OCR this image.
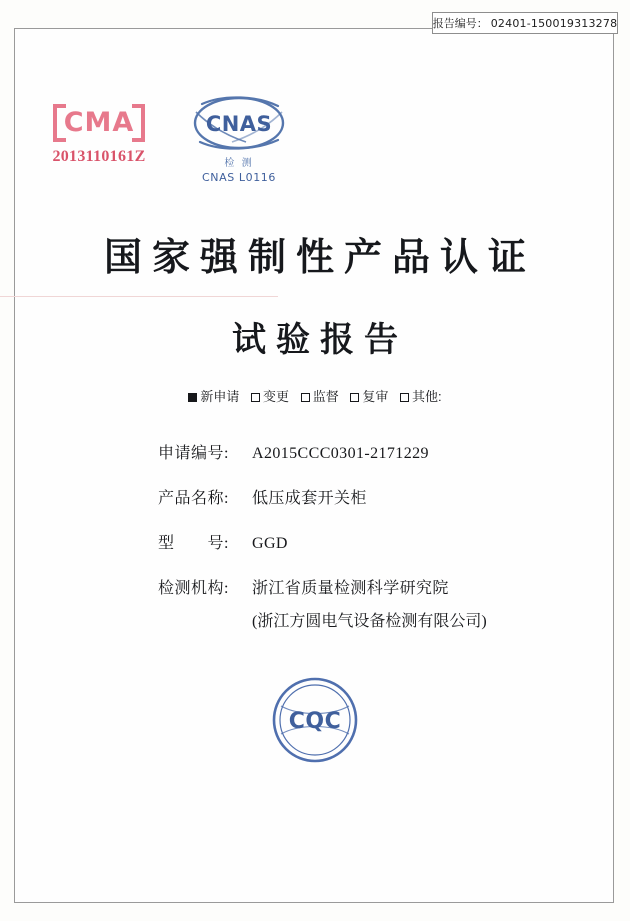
报告编号： 02401-150019313278
CMA
2013110161Z
CNAS
检 测
CNAS L0116
国家强制性产品认证
试验报告
新申请 变更 监督 复审 其他:
申请编号:	A2015CCC0301-2171229
产品名称:	低压成套开关柜
型　　号:	GGD
检测机构:	浙江省质量检测科学研究院
(浙江方圆电气设备检测有限公司)
CQC
